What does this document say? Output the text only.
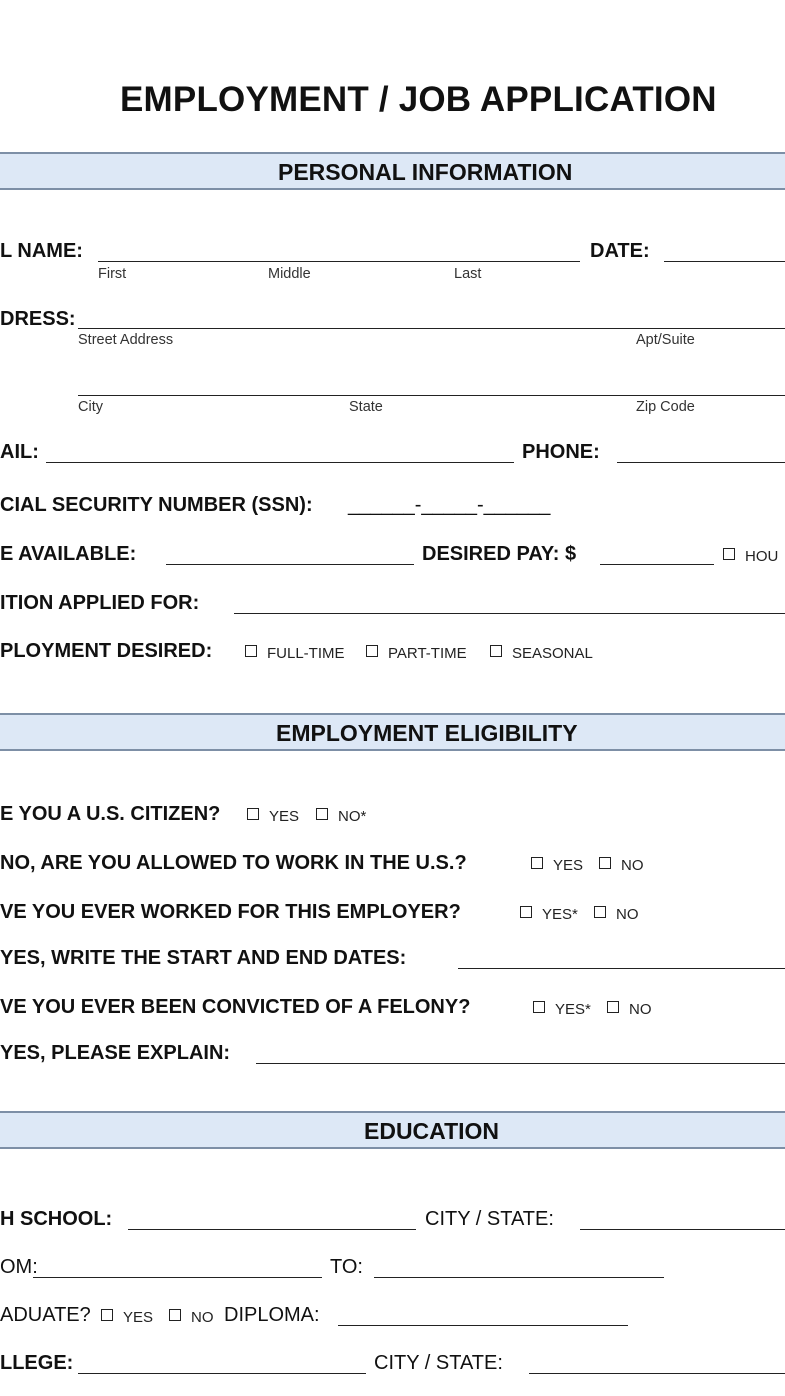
EMPLOYMENT / JOB APPLICATION
PERSONAL INFORMATION
L NAME:	DATE:
First	Middle	Last
DRESS:
Street Address	Apt/Suite
City	State	Zip Code
AIL:	PHONE:
CIAL SECURITY NUMBER (SSN): ______-_____-______
E AVAILABLE:	DESIRED PAY: $	HOU
ITION APPLIED FOR:
PLOYMENT DESIRED:	FULL-TIME	PART-TIME	SEASONAL
EMPLOYMENT ELIGIBILITY
E YOU A U.S. CITIZEN?	YES	NO*
NO, ARE YOU ALLOWED TO WORK IN THE U.S.?	YES	NO
VE YOU EVER WORKED FOR THIS EMPLOYER?	YES*	NO
YES, WRITE THE START AND END DATES:
VE YOU EVER BEEN CONVICTED OF A FELONY?	YES*	NO
YES, PLEASE EXPLAIN:
EDUCATION
H SCHOOL:	CITY / STATE:
OM:	TO:
ADUATE? YES	NO DIPLOMA:
LLEGE:	CITY / STATE:
